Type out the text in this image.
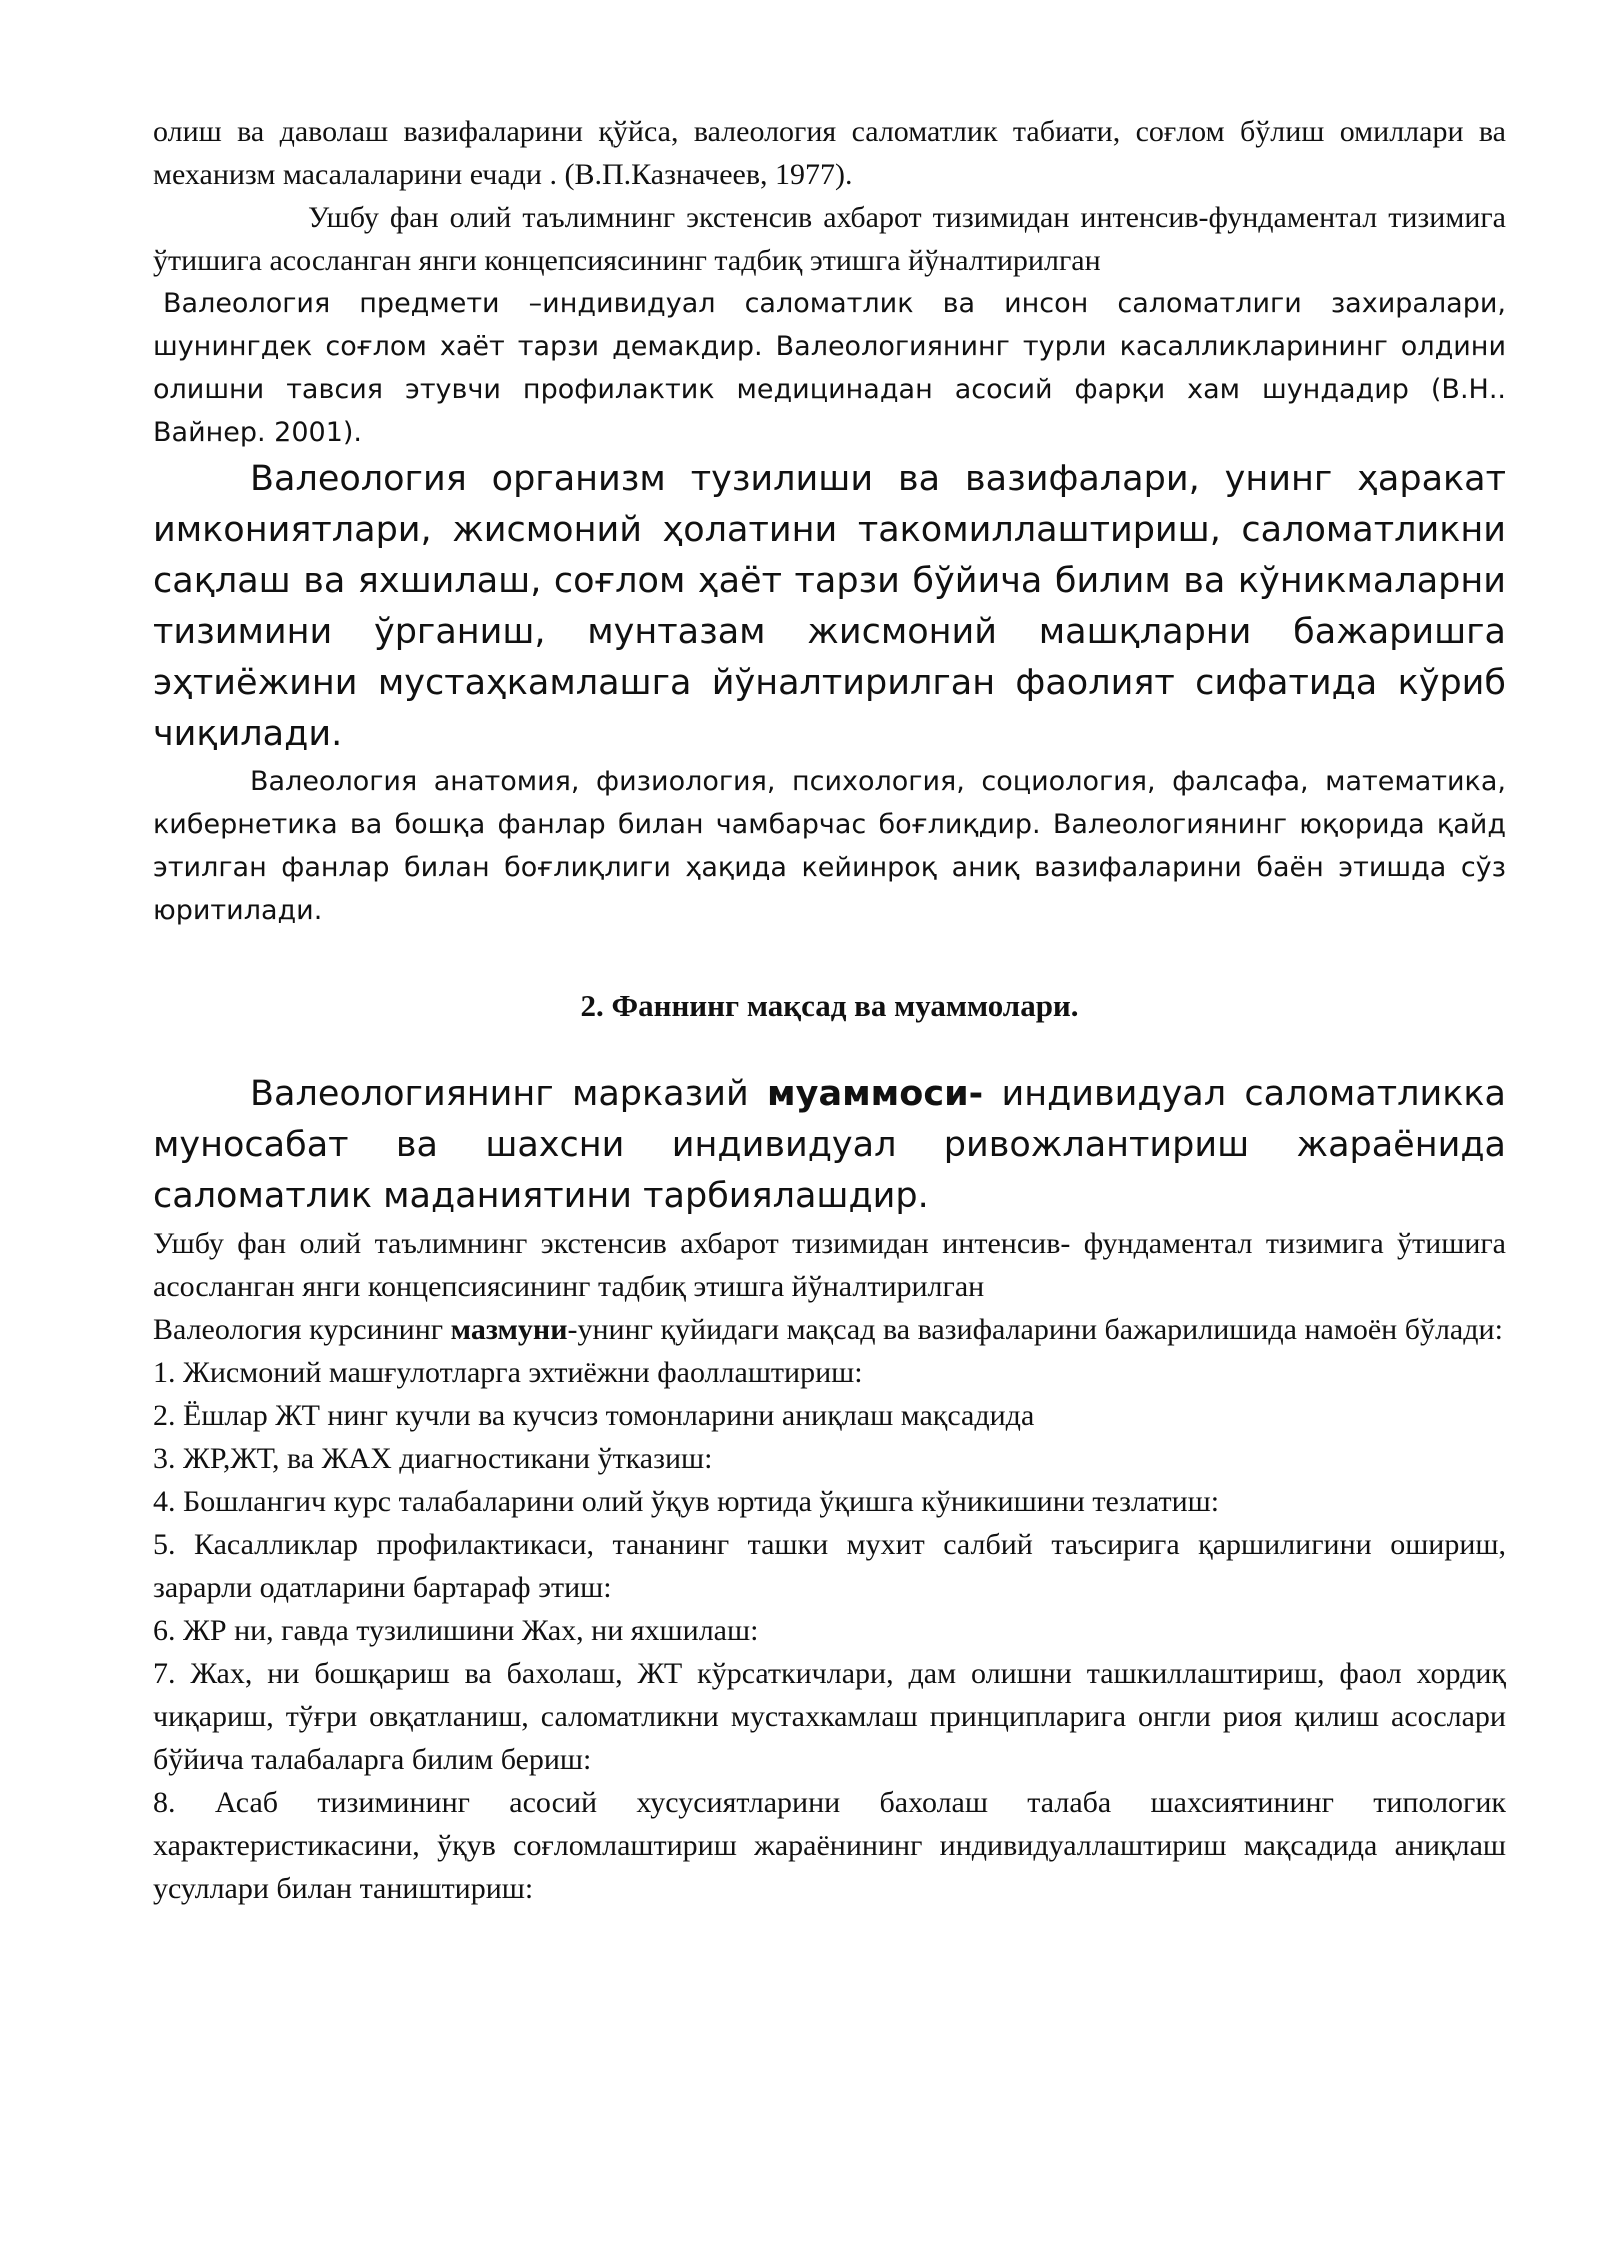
олиш ва даволаш вазифаларини қўйса, валеология саломатлик табиати, соғлом бўлиш омиллари ва механизм масалаларини ечади . (В.П.Казначеев, 1977).

Ушбу фан олий таълимнинг экстенсив ахбарот тизимидан интенсив-фундаментал тизимига ўтишига асосланган янги концепсиясининг тадбиқ этишга йўналтирилган

Валеология предмети –индивидуал саломатлик ва инсон саломатлиги захиралари, шунингдек соғлом хаёт тарзи демакдир. Валеологиянинг турли касалликларининг олдини олишни тавсия этувчи профилактик медицинадан асосий фарқи хам шундадир (В.Н.. Вайнер. 2001).

Валеология организм тузилиши ва вазифалари, унинг ҳаракат имкониятлари, жисмоний ҳолатини такомиллаштириш, саломатликни сақлаш ва яхшилаш, соғлом ҳаёт тарзи бўйича билим ва кўникмаларни тизимини ўрганиш, мунтазам жисмоний машқларни бажаришга эҳтиёжини мустаҳкамлашга йўналтирилган фаолият сифатида кўриб чиқилади.

Валеология анатомия, физиология, психология, социология, фалсафа, математика, кибернетика ва бошқа фанлар билан чамбарчас боғлиқдир. Валеологиянинг юқорида қайд этилган фанлар билан боғлиқлиги ҳақида кейинроқ аниқ вазифаларини баён этишда сўз юритилади.

2. Фаннинг мақсад ва муаммолари.

Валеологиянинг марказий муаммоси- индивидуал саломатликка муносабат ва шахсни индивидуал ривожлантириш жараёнида саломатлик маданиятини тарбиялашдир.

Ушбу фан олий таълимнинг экстенсив ахбарот тизимидан интенсив- фундаментал тизимига ўтишига асосланган янги концепсиясининг тадбиқ этишга йўналтирилган

Валеология курсининг мазмуни-унинг қуйидаги мақсад ва вазифаларини бажарилишида намоён бўлади:

1. Жисмоний машғулотларга эхтиёжни фаоллаштириш:

2. Ёшлар ЖТ нинг кучли ва кучсиз томонларини аниқлаш мақсадида

3. ЖР,ЖТ, ва ЖАХ диагностикани ўтказиш:

4. Бошлангич курс талабаларини олий ўқув юртида ўқишга кўникишини тезлатиш:

5. Касалликлар профилактикаси, тананинг ташки мухит салбий таъсирига қаршилигини ошириш, зарарли одатларини бартараф этиш:

6. ЖР ни, гавда тузилишини Жах, ни яхшилаш:

7. Жах, ни бошқариш ва бахолаш, ЖТ кўрсаткичлари, дам олишни ташкиллаштириш, фаол хордиқ чиқариш, тўғри овқатланиш, саломатликни мустахкамлаш принципларига онгли риоя қилиш асослари бўйича талабаларга билим бериш:

8. Асаб тизимининг асосий хусусиятларини бахолаш талаба шахсиятининг типологик характеристикасини, ўқув соғломлаштириш жараёнининг индивидуаллаштириш мақсадида аниқлаш усуллари билан таништириш:
